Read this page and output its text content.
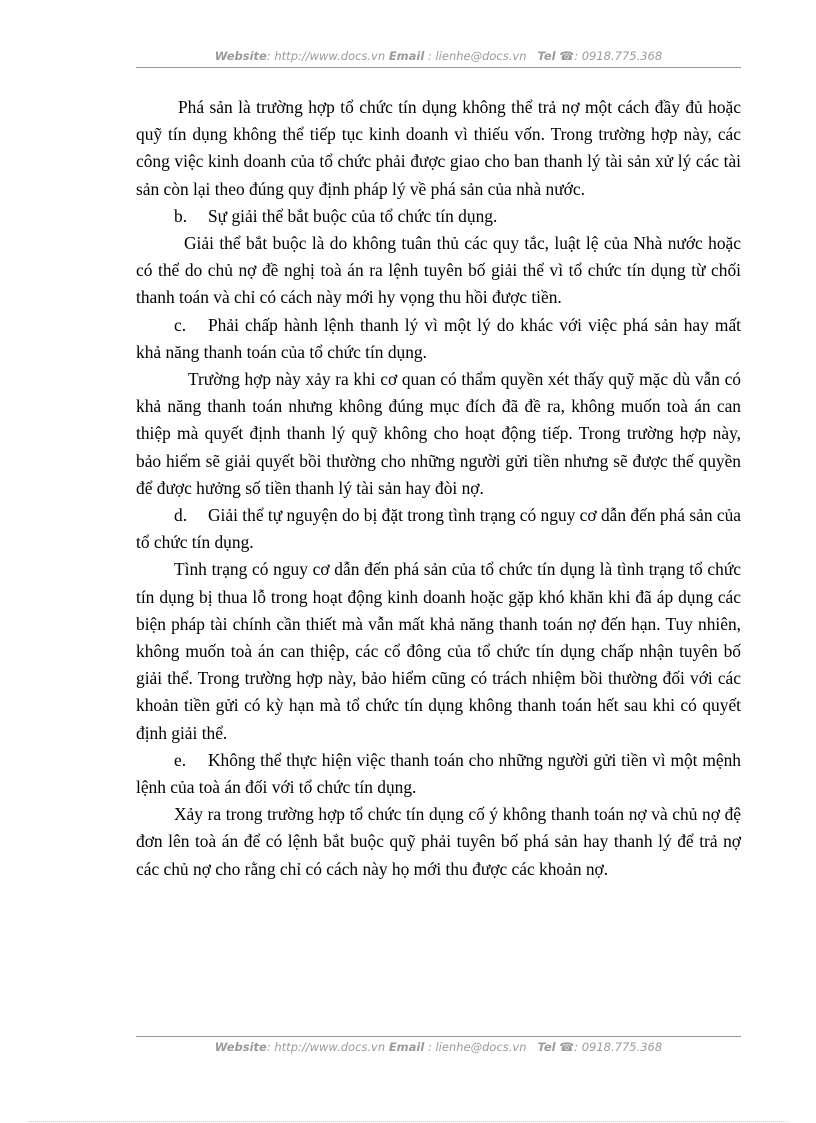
Website: http://www.docs.vn Email : lienhe@docs.vn Tel ☎: 0918.775.368

Phá sản là trường hợp tổ chức tín dụng không thể trả nợ một cách đầy đủ hoặc quỹ tín dụng không thể tiếp tục kinh doanh vì thiếu vốn. Trong trường hợp này, các công việc kinh doanh của tổ chức phải được giao cho ban thanh lý tài sản xử lý các tài sản còn lại theo đúng quy định pháp lý về phá sản của nhà nước.

b. Sự giải thể bắt buộc của tổ chức tín dụng.

Giải thể bắt buộc là do không tuân thủ các quy tắc, luật lệ của Nhà nước hoặc có thể do chủ nợ đề nghị toà án ra lệnh tuyên bố giải thể vì tổ chức tín dụng từ chối thanh toán và chỉ có cách này mới hy vọng thu hồi được tiền.

c. Phải chấp hành lệnh thanh lý vì một lý do khác với việc phá sản hay mất khả năng thanh toán của tổ chức tín dụng.

Trường hợp này xảy ra khi cơ quan có thẩm quyền xét thấy quỹ mặc dù vẫn có khả năng thanh toán nhưng không đúng mục đích đã đề ra, không muốn toà án can thiệp mà quyết định thanh lý quỹ không cho hoạt động tiếp. Trong trường hợp này, bảo hiểm sẽ giải quyết bồi thường cho những người gửi tiền nhưng sẽ được thế quyền để được hưởng số tiền thanh lý tài sản hay đòi nợ.

d. Giải thể tự nguyện do bị đặt trong tình trạng có nguy cơ dẫn đến phá sản của tổ chức tín dụng.

Tình trạng có nguy cơ dẫn đến phá sản của tổ chức tín dụng là tình trạng tổ chức tín dụng bị thua lỗ trong hoạt động kinh doanh hoặc gặp khó khăn khi đã áp dụng các biện pháp tài chính cần thiết mà vẫn mất khả năng thanh toán nợ đến hạn. Tuy nhiên, không muốn toà án can thiệp, các cổ đông của tổ chức tín dụng chấp nhận tuyên bố giải thể. Trong trường hợp này, bảo hiểm cũng có trách nhiệm bồi thường đối với các khoản tiền gửi có kỳ hạn mà tổ chức tín dụng không thanh toán hết sau khi có quyết định giải thể.

e. Không thể thực hiện việc thanh toán cho những người gửi tiền vì một mệnh lệnh của toà án đối với tổ chức tín dụng.

Xảy ra trong trường hợp tổ chức tín dụng cố ý không thanh toán nợ và chủ nợ đệ đơn lên toà án để có lệnh bắt buộc quỹ phải tuyên bố phá sản hay thanh lý để trả nợ các chủ nợ cho rằng chỉ có cách này họ mới thu được các khoản nợ.

Website: http://www.docs.vn Email : lienhe@docs.vn Tel ☎: 0918.775.368
